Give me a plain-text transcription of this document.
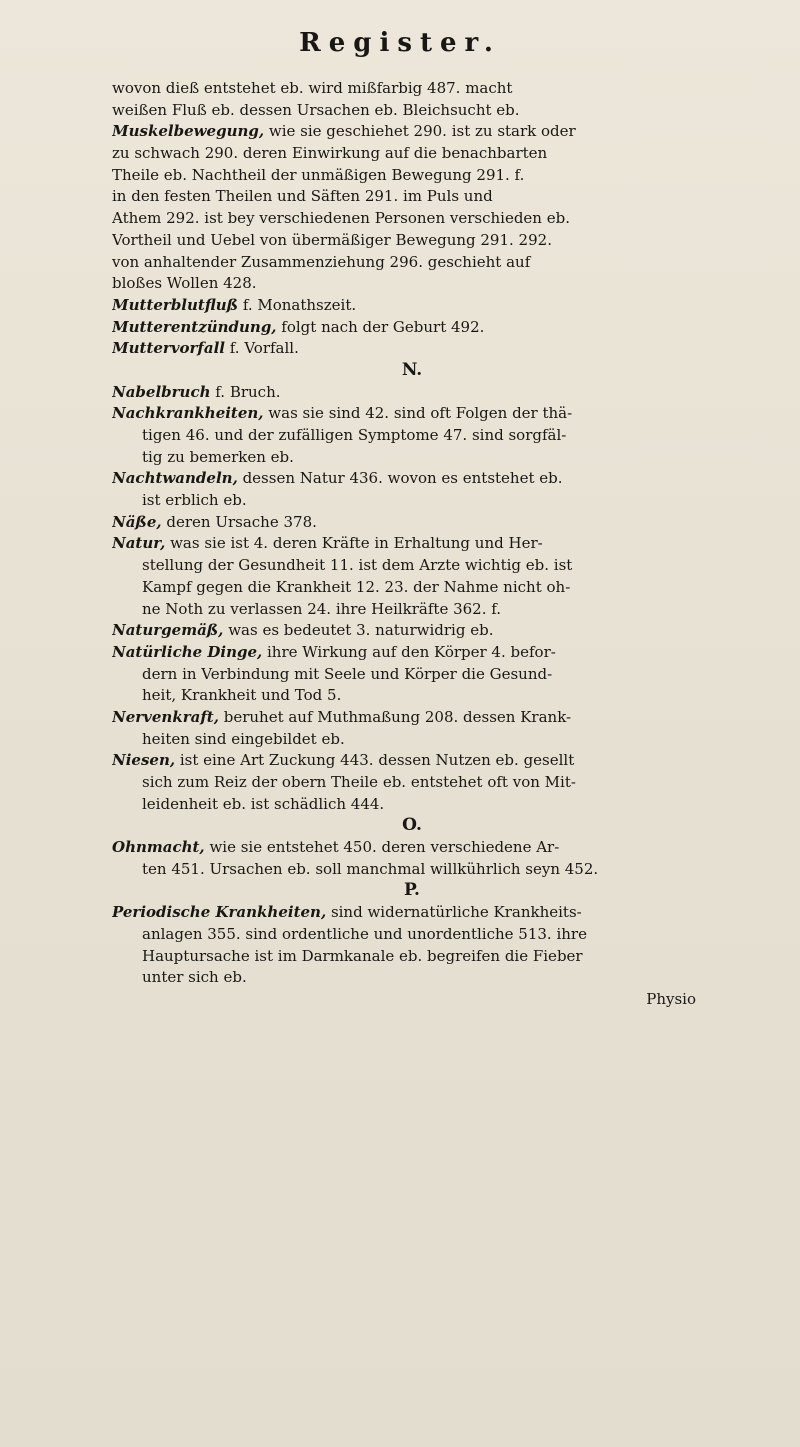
Register.
wovon dieß entstehet eb. wird mißfarbig 487. macht
weißen Fluß eb. dessen Ursachen eb. Bleichsucht eb.
Muskelbewegung, wie sie geschiehet 290. ist zu stark oder
zu schwach 290. deren Einwirkung auf die benachbarten
Theile eb. Nachtheil der unmäßigen Bewegung 291. f.
in den festen Theilen und Säften 291. im Puls und
Athem 292. ist bey verschiedenen Personen verschieden eb.
Vortheil und Uebel von übermäßiger Bewegung 291. 292.
von anhaltender Zusammenziehung 296. geschieht auf
bloßes Wollen 428.
Mutterblutfluß f. Monathszeit.
Mutterentzündung, folgt nach der Geburt 492.
Muttervorfall f. Vorfall.
N.
Nabelbruch f. Bruch.
Nachkrankheiten, was sie sind 42. sind oft Folgen der thä-
tigen 46. und der zufälligen Symptome 47. sind sorgfäl-
tig zu bemerken eb.
Nachtwandeln, dessen Natur 436. wovon es entstehet eb.
ist erblich eb.
Näße, deren Ursache 378.
Natur, was sie ist 4. deren Kräfte in Erhaltung und Her-
stellung der Gesundheit 11. ist dem Arzte wichtig eb. ist
Kampf gegen die Krankheit 12. 23. der Nahme nicht oh-
ne Noth zu verlassen 24. ihre Heilkräfte 362. f.
Naturgemäß, was es bedeutet 3. naturwidrig eb.
Natürliche Dinge, ihre Wirkung auf den Körper 4. befor-
dern in Verbindung mit Seele und Körper die Gesund-
heit, Krankheit und Tod 5.
Nervenkraft, beruhet auf Muthmaßung 208. dessen Krank-
heiten sind eingebildet eb.
Niesen, ist eine Art Zuckung 443. dessen Nutzen eb. gesellt
sich zum Reiz der obern Theile eb. entstehet oft von Mit-
leidenheit eb. ist schädlich 444.
O.
Ohnmacht, wie sie entstehet 450. deren verschiedene Ar-
ten 451. Ursachen eb. soll manchmal willkührlich seyn 452.
P.
Periodische Krankheiten, sind widernatürliche Krankheits-
anlagen 355. sind ordentliche und unordentliche 513. ihre
Hauptursache ist im Darmkanale eb. begreifen die Fieber
unter sich eb.
Physio
